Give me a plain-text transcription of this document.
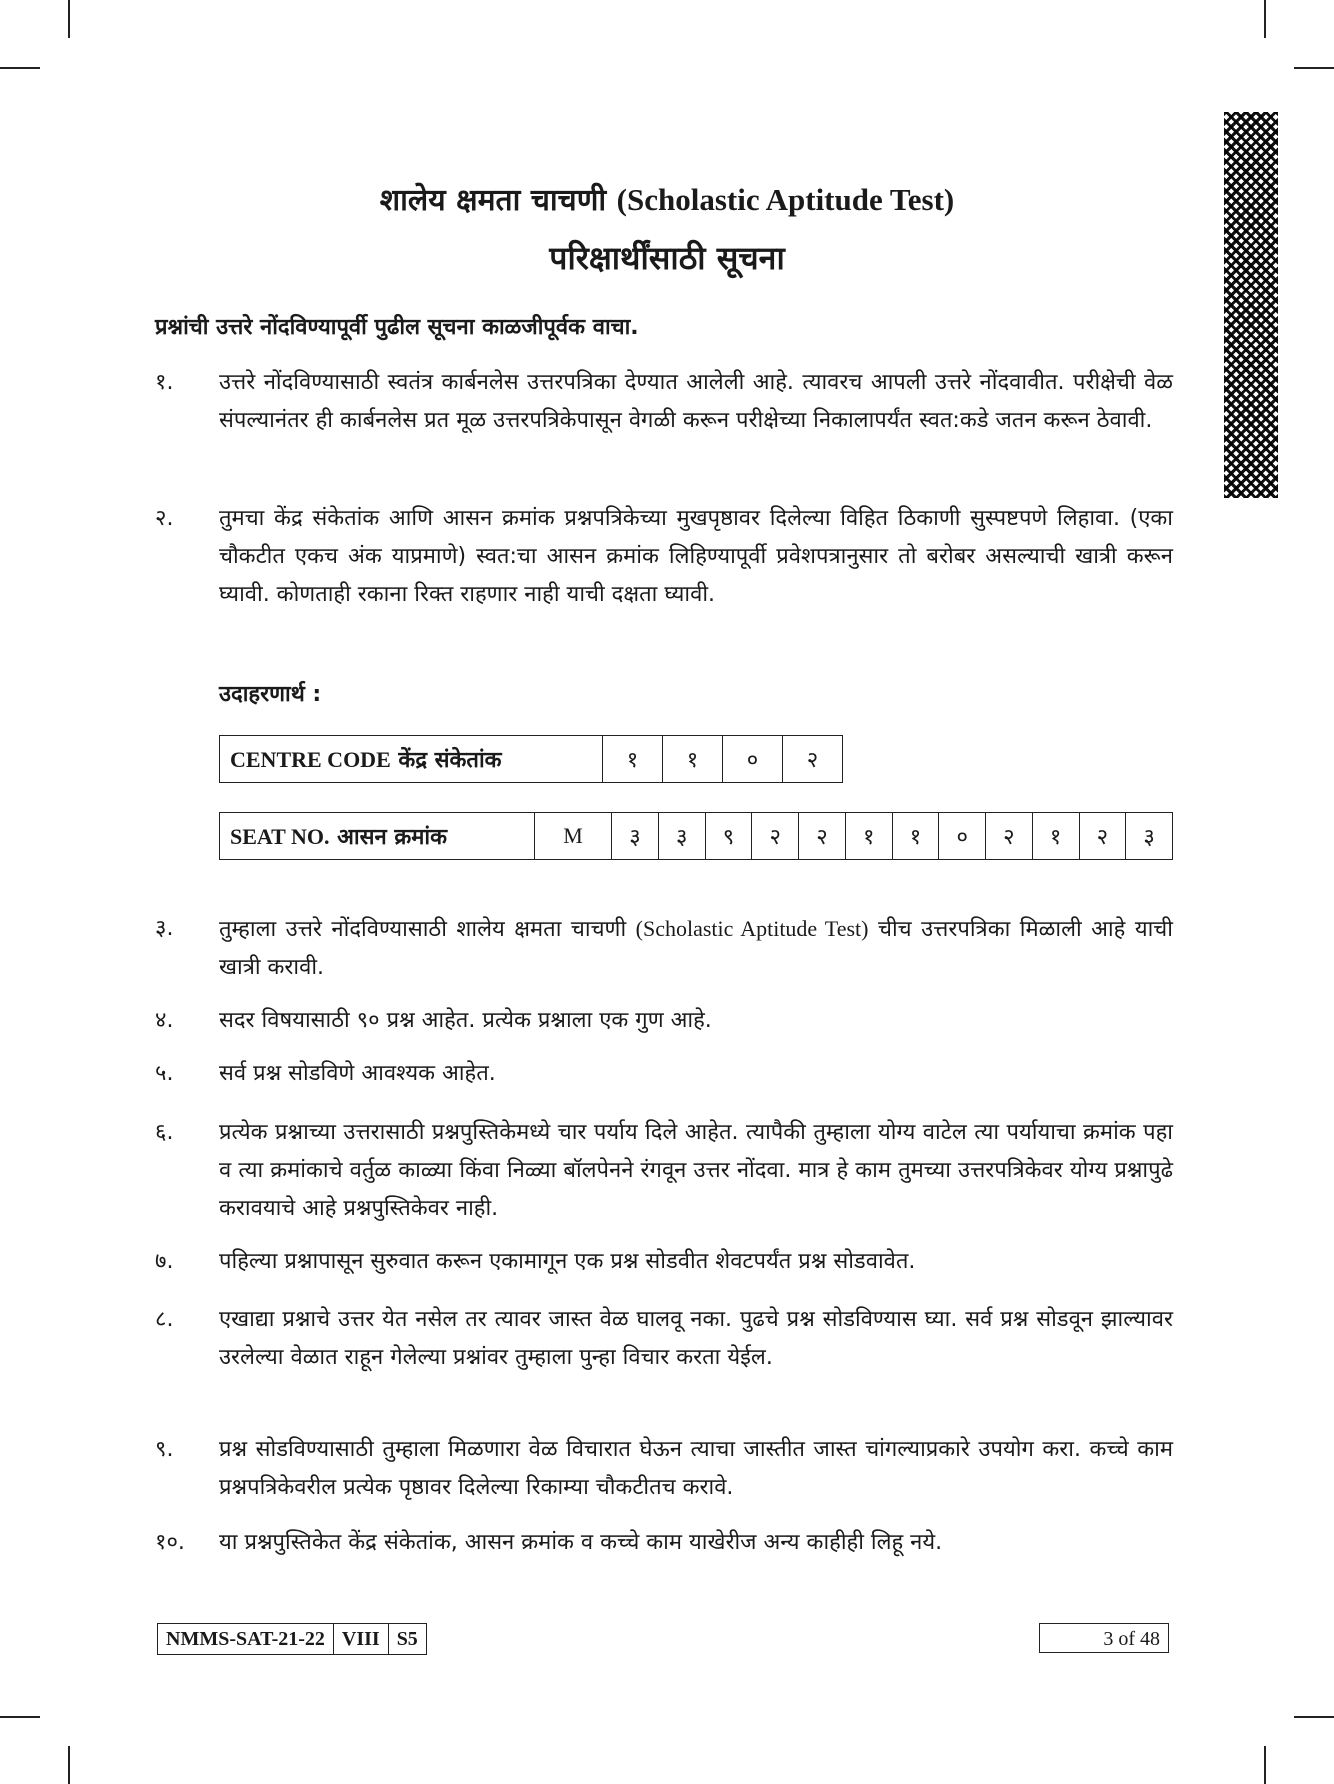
शालेय क्षमता चाचणी (Scholastic Aptitude Test)
परिक्षार्थींसाठी सूचना
प्रश्नांची उत्तरे नोंदविण्यापूर्वी पुढील सूचना काळजीपूर्वक वाचा.
१.	उत्तरे नोंदविण्यासाठी स्वतंत्र कार्बनलेस उत्तरपत्रिका देण्यात आलेली आहे. त्यावरच आपली उत्तरे नोंदवावीत. परीक्षेची वेळ संपल्यानंतर ही कार्बनलेस प्रत मूळ उत्तरपत्रिकेपासून वेगळी करून परीक्षेच्या निकालापर्यंत स्वत:कडे जतन करून ठेवावी.
२.	तुमचा केंद्र संकेतांक आणि आसन क्रमांक प्रश्नपत्रिकेच्या मुखपृष्ठावर दिलेल्या विहित ठिकाणी सुस्पष्टपणे लिहावा. (एका चौकटीत एकच अंक याप्रमाणे) स्वत:चा आसन क्रमांक लिहिण्यापूर्वी प्रवेशपत्रानुसार तो बरोबर असल्याची खात्री करून घ्यावी. कोणताही रकाना रिक्त राहणार नाही याची दक्षता घ्यावी.
उदाहरणार्थ :
CENTRE CODE केंद्र संकेतांक	१	१	०	२
SEAT NO. आसन क्रमांक	M	३	३	९	२	२	१	१	०	२	१	२	३
३.	तुम्हाला उत्तरे नोंदविण्यासाठी शालेय क्षमता चाचणी (Scholastic Aptitude Test) चीच उत्तरपत्रिका मिळाली आहे याची खात्री करावी.
४.	सदर विषयासाठी ९० प्रश्न आहेत. प्रत्येक प्रश्नाला एक गुण आहे.
५.	सर्व प्रश्न सोडविणे आवश्यक आहेत.
६.	प्रत्येक प्रश्नाच्या उत्तरासाठी प्रश्नपुस्तिकेमध्ये चार पर्याय दिले आहेत. त्यापैकी तुम्हाला योग्य वाटेल त्या पर्यायाचा क्रमांक पहा व त्या क्रमांकाचे वर्तुळ काळ्या किंवा निळ्या बॉलपेनने रंगवून उत्तर नोंदवा. मात्र हे काम तुमच्या उत्तरपत्रिकेवर योग्य प्रश्नापुढे करावयाचे आहे प्रश्नपुस्तिकेवर नाही.
७.	पहिल्या प्रश्नापासून सुरुवात करून एकामागून एक प्रश्न सोडवीत शेवटपर्यंत प्रश्न सोडवावेत.
८.	एखाद्या प्रश्नाचे उत्तर येत नसेल तर त्यावर जास्त वेळ घालवू नका. पुढचे प्रश्न सोडविण्यास घ्या. सर्व प्रश्न सोडवून झाल्यावर उरलेल्या वेळात राहून गेलेल्या प्रश्नांवर तुम्हाला पुन्हा विचार करता येईल.
९.	प्रश्न सोडविण्यासाठी तुम्हाला मिळणारा वेळ विचारात घेऊन त्याचा जास्तीत जास्त चांगल्याप्रकारे उपयोग करा. कच्चे काम प्रश्नपत्रिकेवरील प्रत्येक पृष्ठावर दिलेल्या रिकाम्या चौकटीतच करावे.
१०.	या प्रश्नपुस्तिकेत केंद्र संकेतांक, आसन क्रमांक व कच्चे काम याखेरीज अन्य काहीही लिहू नये.
NMMS-SAT-21-22 VIII S5	3 of 48
